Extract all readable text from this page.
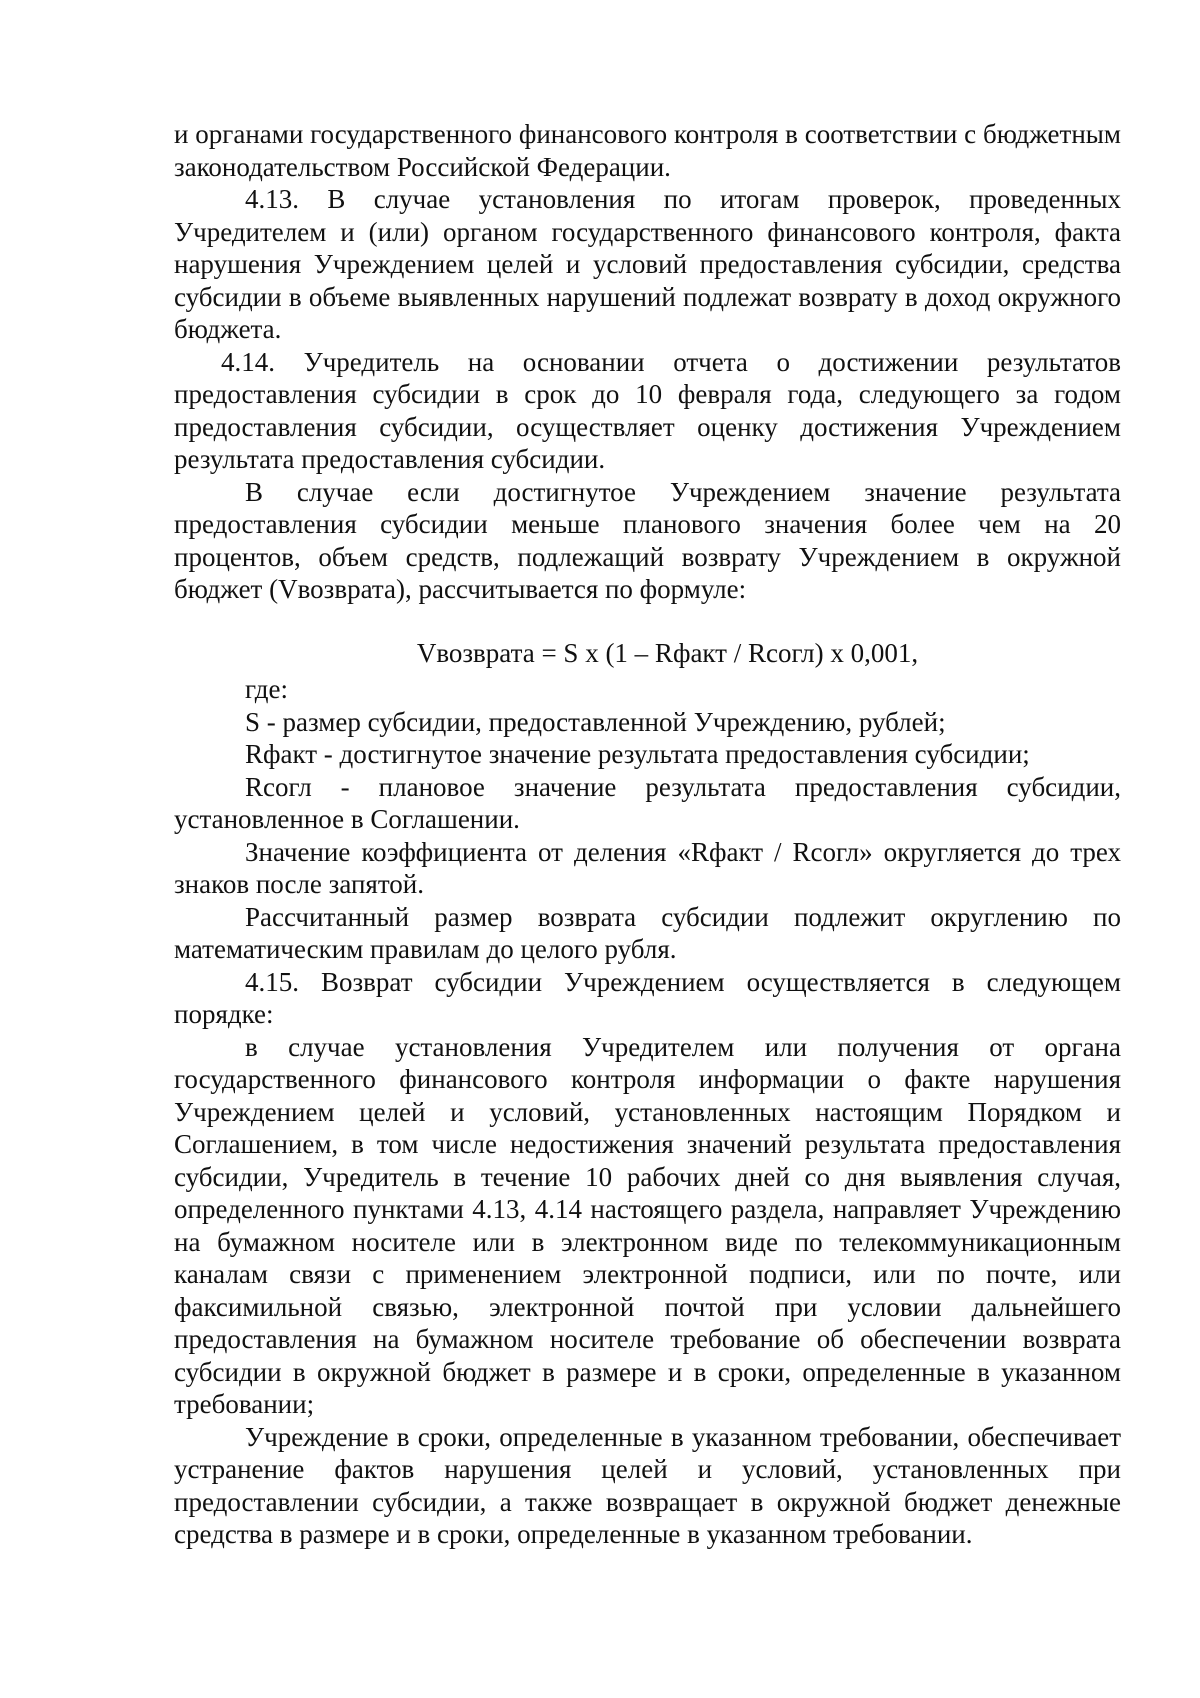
и органами государственного финансового контроля в соответствии с бюджетным законодательством Российской Федерации.

4.13. В случае установления по итогам проверок, проведенных Учредителем и (или) органом государственного финансового контроля, факта нарушения Учреждением целей и условий предоставления субсидии, средства субсидии в объеме выявленных нарушений подлежат возврату в доход окружного бюджета.

4.14. Учредитель на основании отчета о достижении результатов предоставления субсидии в срок до 10 февраля года, следующего за годом предоставления субсидии, осуществляет оценку достижения Учреждением результата предоставления субсидии.

В случае если достигнутое Учреждением значение результата предоставления субсидии меньше планового значения более чем на 20 процентов, объем средств, подлежащий возврату Учреждением в окружной бюджет (Vвозврата), рассчитывается по формуле:

Vвозврата = S x (1 – Rфакт / Rсогл) x 0,001,

где:

S - размер субсидии, предоставленной Учреждению, рублей;

Rфакт - достигнутое значение результата предоставления субсидии;

Rсогл - плановое значение результата предоставления субсидии, установленное в Соглашении.

Значение коэффициента от деления «Rфакт / Rсогл» округляется до трех знаков после запятой.

Рассчитанный размер возврата субсидии подлежит округлению по математическим правилам до целого рубля.

4.15. Возврат субсидии Учреждением осуществляется в следующем порядке:

в случае установления Учредителем или получения от органа государственного финансового контроля информации о факте нарушения Учреждением целей и условий, установленных настоящим Порядком и Соглашением, в том числе недостижения значений результата предоставления субсидии, Учредитель в течение 10 рабочих дней со дня выявления случая, определенного пунктами 4.13, 4.14 настоящего раздела, направляет Учреждению на бумажном носителе или в электронном виде по телекоммуникационным каналам связи с применением электронной подписи, или по почте, или факсимильной связью, электронной почтой при условии дальнейшего предоставления на бумажном носителе требование об обеспечении возврата субсидии в окружной бюджет в размере и в сроки, определенные в указанном требовании;

Учреждение в сроки, определенные в указанном требовании, обеспечивает устранение фактов нарушения целей и условий, установленных при предоставлении субсидии, а также возвращает в окружной бюджет денежные средства в размере и в сроки, определенные в указанном требовании.
